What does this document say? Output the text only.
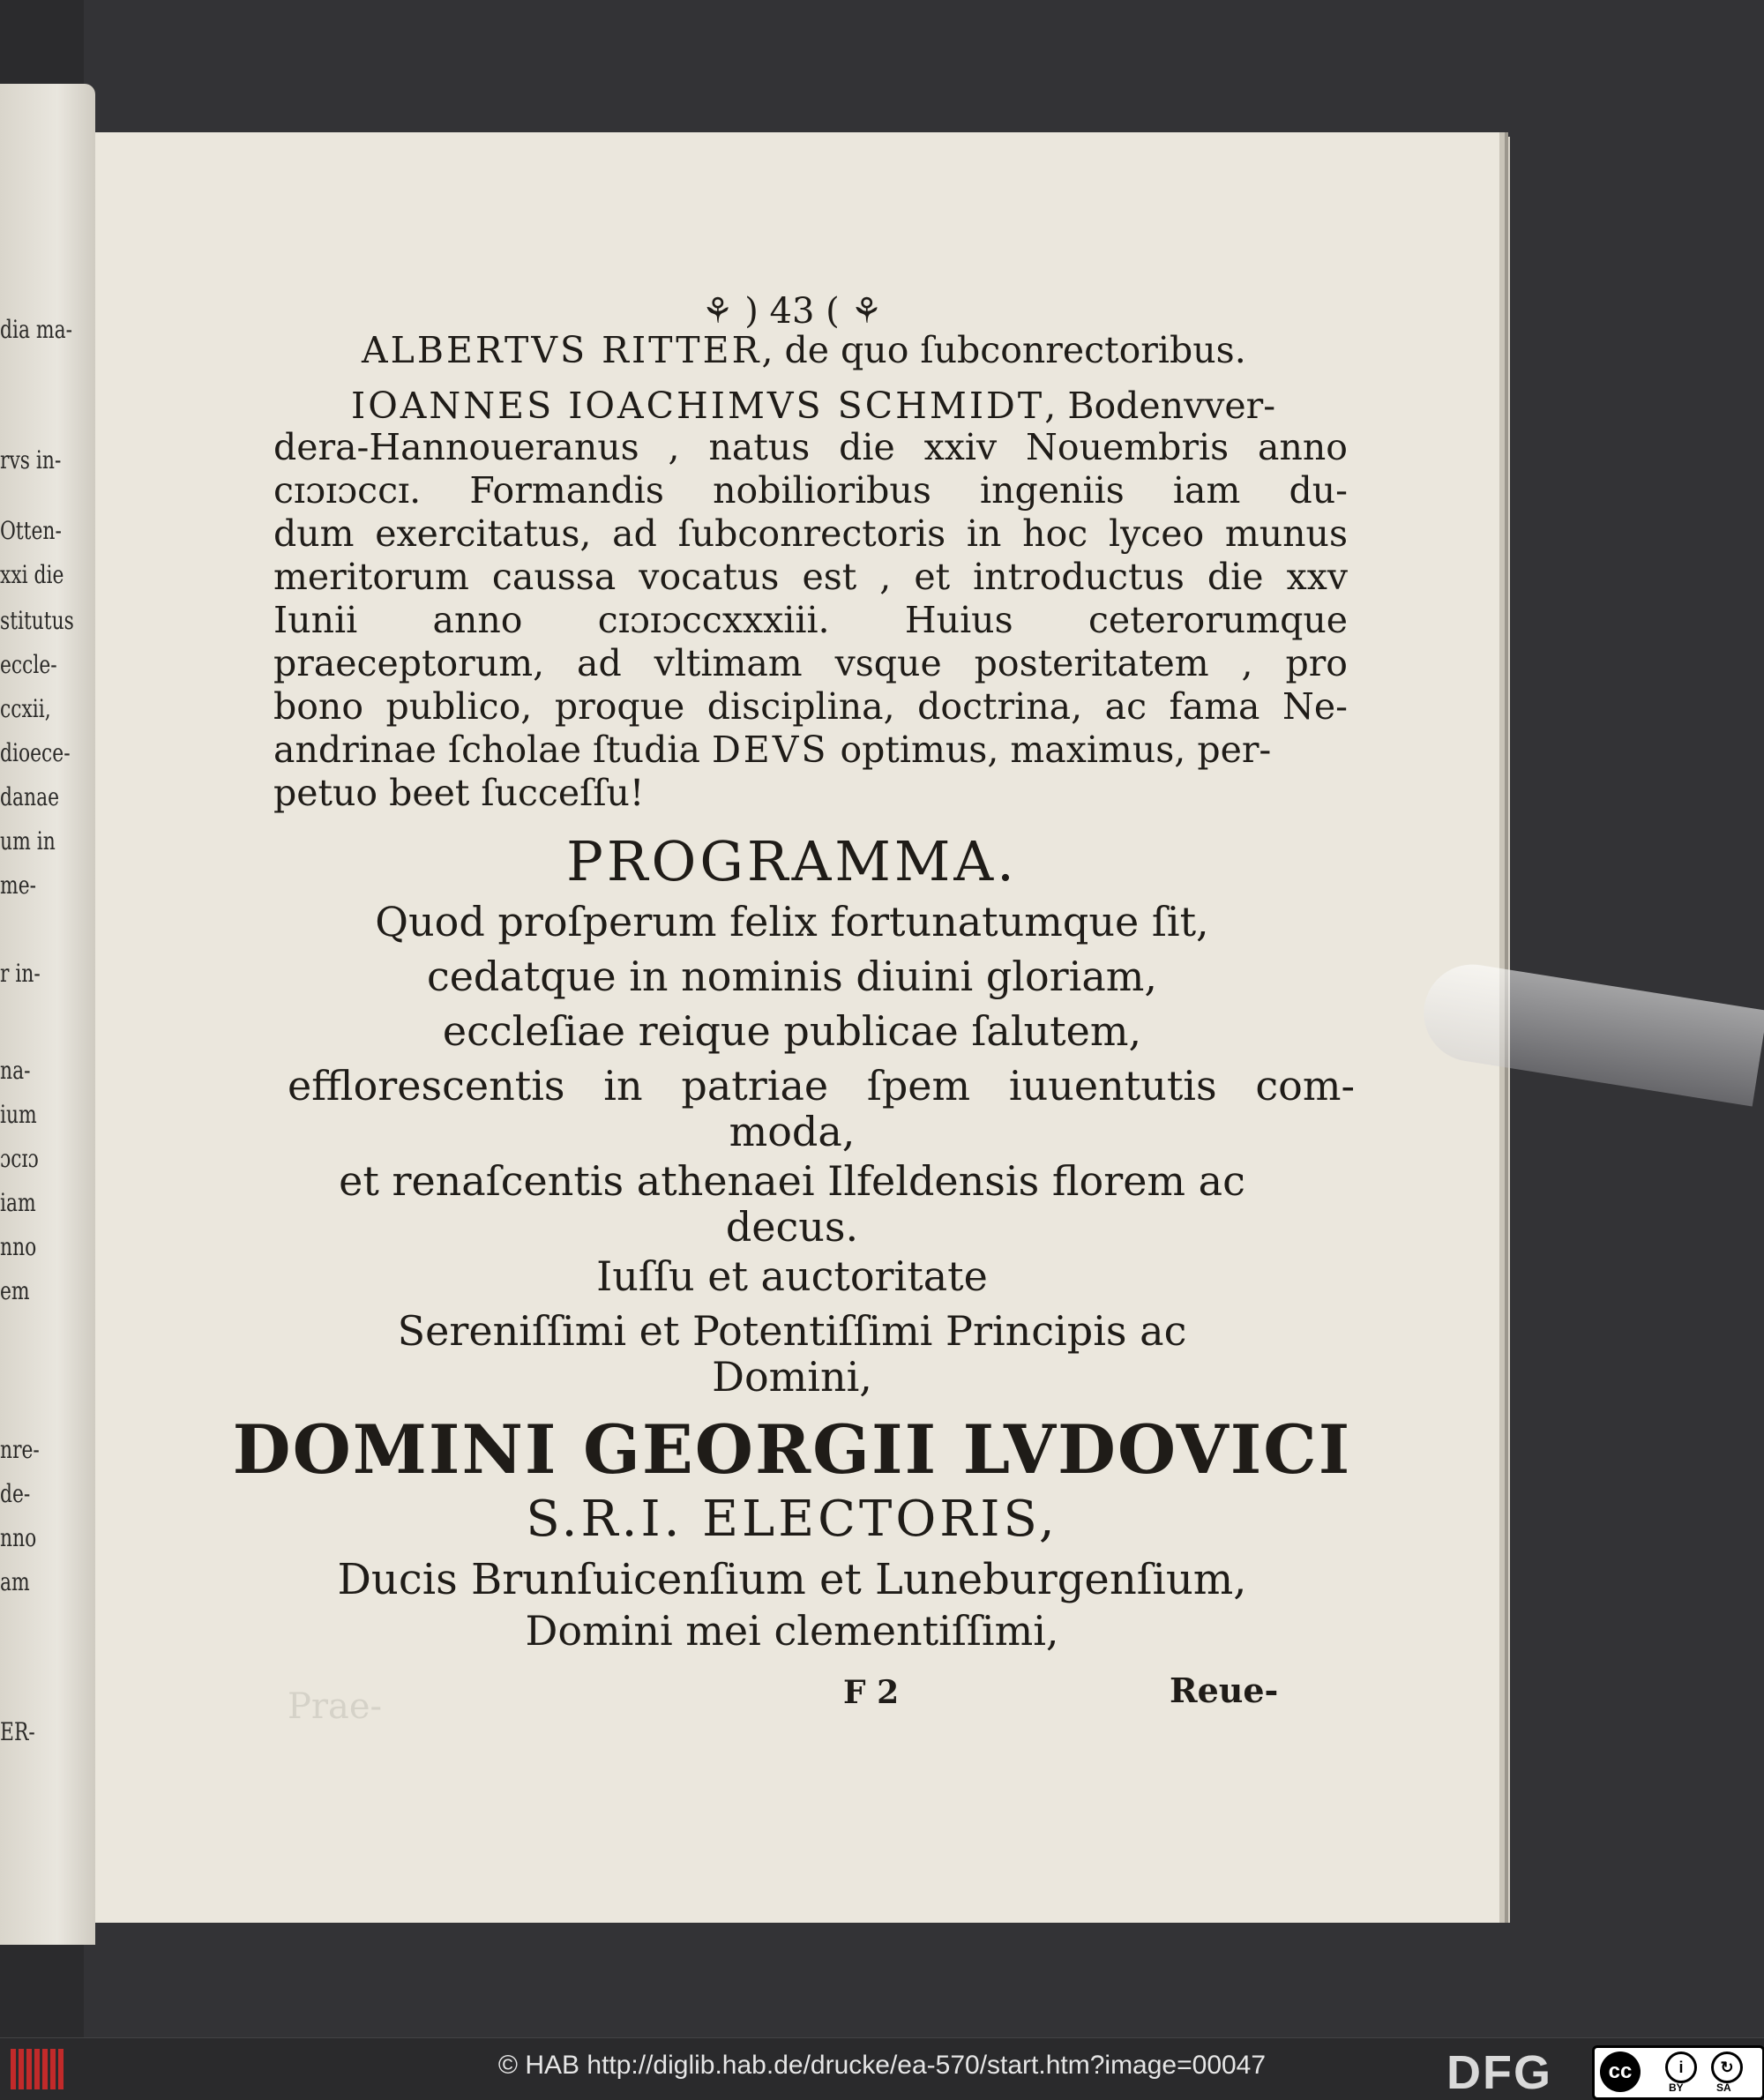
dia ma-
rvs in-
Otten-
xxi die
stitutus
eccle-
ccxii,
dioece-
danae
um in
me-
r in-
na-
ium
ɔcɪɔ
iam
nno
em
nre-
de-
nno
am
ER-
Prae-
⚘ ) 43 ( ⚘
ALBERTVS RITTER, de quo ſubconrectoribus.
IOANNES IOACHIMVS SCHMIDT, Bodenvver-
dera-Hannoueranus , natus die xxiv Nouembris anno
cɪɔɪɔccɪ. Formandis nobilioribus ingeniis iam du-
dum exercitatus, ad ſubconrectoris in hoc lyceo munus
meritorum caussa vocatus est , et introductus die xxv
Iunii anno cɪɔɪɔccxxxiii. Huius ceterorumque
praeceptorum, ad vltimam vsque posteritatem , pro
bono publico, proque disciplina, doctrina, ac fama Ne-
andrinae ſcholae ſtudia DEVS optimus, maximus, per-
petuo beet ſucceſſu!
PROGRAMMA.
Quod proſperum felix fortunatumque ſit,
cedatque in nominis diuini gloriam,
eccleſiae reique publicae ſalutem,
efflorescentis in patriae ſpem iuuentutis com-
moda,
et renaſcentis athenaei Ilfeldensis florem ac
decus.
Iuſſu et auctoritate
Sereniſſimi et Potentiſſimi Principis ac
Domini,
DOMINI GEORGII LVDOVICI
S.R.I. ELECTORIS,
Ducis Brunſuicenſium et Luneburgenſium,
Domini mei clementiſſimi,
F 2	Reue-
© HAB http://diglib.hab.de/drucke/ea-570/start.htm?image=00047	DFG	cc	i	↻
BY	SA
